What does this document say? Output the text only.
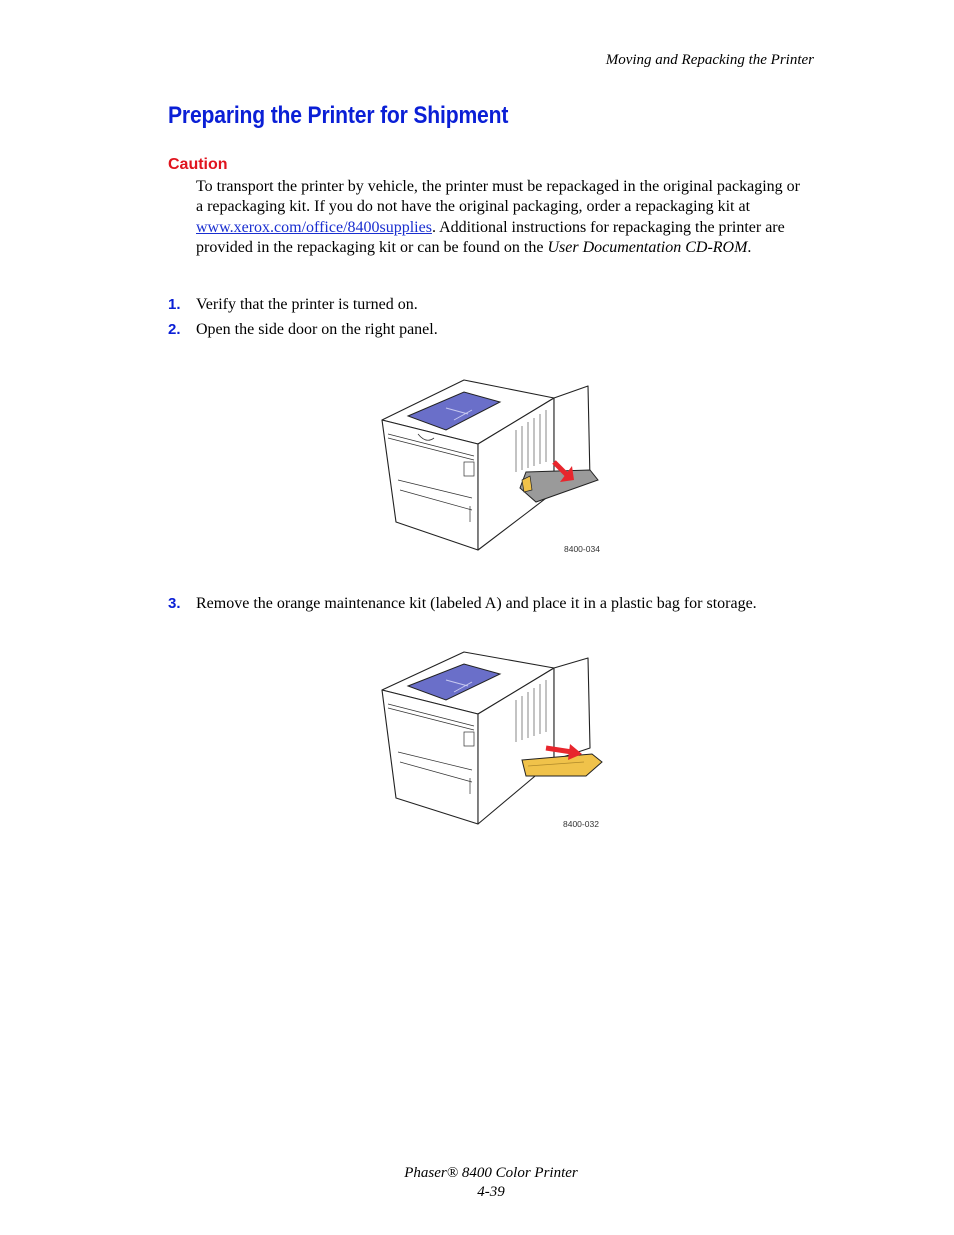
Moving and Repacking the Printer
Preparing the Printer for Shipment
Caution

To transport the printer by vehicle, the printer must be repackaged in the original packaging or a repackaging kit. If you do not have the original packaging, order a repackaging kit at www.xerox.com/office/8400supplies. Additional instructions for repackaging the printer are provided in the repackaging kit or can be found on the User Documentation CD-ROM.

1. Verify that the printer is turned on.
2. Open the side door on the right panel.
8400-034
3. Remove the orange maintenance kit (labeled A) and place it in a plastic bag for storage.
8400-032
Phaser® 8400 Color Printer
4-39
